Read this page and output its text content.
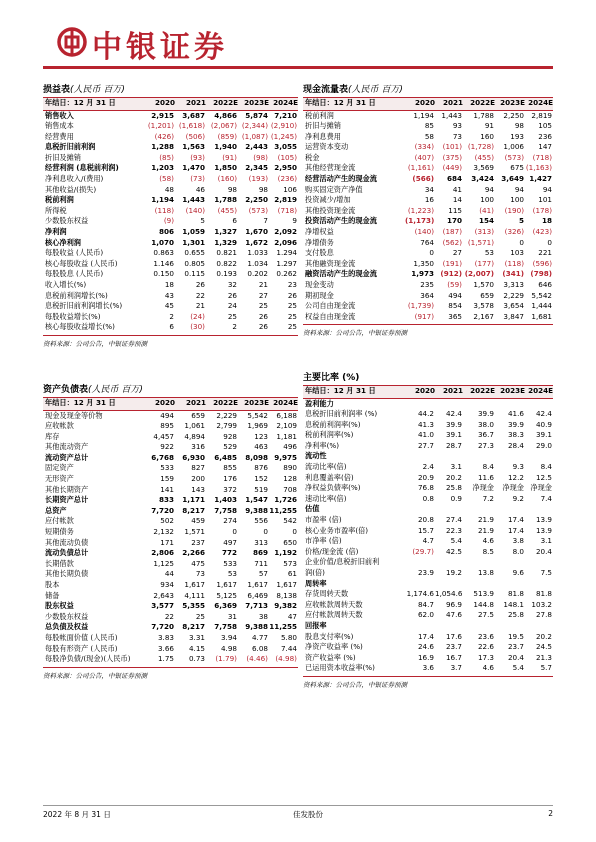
中银证券
损益表(人民币 百万)
年结日：12 月 31 日	2020	2021	2022E	2023E	2024E
销售收入	2,915	3,687	4,866	5,874	7,210
销售成本	(1,201)	(1,618)	(2,067)	(2,344)	(2,910)
经营费用	(426)	(506)	(859)	(1,087)	(1,245)
息税折旧前利润	1,288	1,563	1,940	2,443	3,055
折旧及摊销	(85)	(93)	(91)	(98)	(105)
经营利润 (息税前利润)	1,203	1,470	1,850	2,345	2,950
净利息收入/(费用)	(58)	(73)	(160)	(193)	(236)
其他收益/(损失)	48	46	98	98	106
税前利润	1,194	1,443	1,788	2,250	2,819
所得税	(118)	(140)	(455)	(573)	(718)
少数股东权益	(9)	5	6	7	9
净利润	806	1,059	1,327	1,670	2,092
核心净利润	1,070	1,301	1,329	1,672	2,096
每股收益 (人民币)	0.863	0.655	0.821	1.033	1.294
核心每股收益 (人民币)	1.146	0.805	0.822	1.034	1.297
每股股息 (人民币)	0.150	0.115	0.193	0.202	0.262
收入增长(%)	18	26	32	21	23
息税前利润增长(%)	43	22	26	27	26
息税折旧前利润增长(%)	45	21	24	25	25
每股收益增长(%)	2	(24)	25	26	25
核心每股收益增长(%)	6	(30)	2	26	25
资料来源：公司公告，中银证券预测
现金流量表(人民币 百万)
年结日：12 月 31 日	2020	2021	2022E	2023E	2024E
税前利润	1,194	1,443	1,788	2,250	2,819
折旧与摊销	85	93	91	98	105
净利息费用	58	73	160	193	236
运营资本变动	(334)	(101)	(1,728)	1,006	147
税金	(407)	(375)	(455)	(573)	(718)
其他经营现金流	(1,161)	(449)	3,569	675	(1,163)
经营活动产生的现金流	(566)	684	3,424	3,649	1,427
购买固定资产净值	34	41	94	94	94
投资减少/增加	16	14	100	100	101
其他投资现金流	(1,223)	115	(41)	(190)	(178)
投资活动产生的现金流	(1,173)	170	154	5	18
净增权益	(140)	(187)	(313)	(326)	(423)
净增债务	764	(562)	(1,571)	0	0
支付股息	0	27	53	103	221
其他融资现金流	1,350	(191)	(177)	(118)	(596)
融资活动产生的现金流	1,973	(912)	(2,007)	(341)	(798)
现金变动	235	(59)	1,570	3,313	646
期初现金	364	494	659	2,229	5,542
公司自由现金流	(1,739)	854	3,578	3,654	1,444
权益自由现金流	(917)	365	2,167	3,847	1,681
资料来源：公司公告，中银证券预测
资产负债表(人民币 百万)
年结日：12 月 31 日	2020	2021	2022E	2023E	2024E
现金及现金等价物	494	659	2,229	5,542	6,188
应收帐款	895	1,061	2,799	1,969	2,109
库存	4,457	4,894	928	123	1,181
其他流动资产	922	316	529	463	496
流动资产总计	6,768	6,930	6,485	8,098	9,975
固定资产	533	827	855	876	890
无形资产	159	200	176	152	128
其他长期资产	141	143	372	519	708
长期资产总计	833	1,171	1,403	1,547	1,726
总资产	7,720	8,217	7,758	9,388	11,255
应付帐款	502	459	274	556	542
短期债务	2,132	1,571	0	0	0
其他流动负债	171	237	497	313	650
流动负债总计	2,806	2,266	772	869	1,192
长期借款	1,125	475	533	711	573
其他长期负债	44	73	53	57	61
股本	934	1,617	1,617	1,617	1,617
储备	2,643	4,111	5,125	6,469	8,138
股东权益	3,577	5,355	6,369	7,713	9,382
少数股东权益	22	25	31	38	47
总负债及权益	7,720	8,217	7,758	9,388	11,255
每股帐面价值 (人民币)	3.83	3.31	3.94	4.77	5.80
每股有形资产 (人民币)	3.66	4.15	4.98	6.08	7.44
每股净负债/(现金)(人民币)	1.75	0.73	(1.79)	(4.46)	(4.98)
资料来源：公司公告，中银证券预测
主要比率 (%)
年结日：12 月 31 日	2020	2021	2022E	2023E	2024E
盈利能力					
息税折旧前利润率 (%)	44.2	42.4	39.9	41.6	42.4
息税前利润率(%)	41.3	39.9	38.0	39.9	40.9
税前利润率(%)	41.0	39.1	36.7	38.3	39.1
净利率(%)	27.7	28.7	27.3	28.4	29.0
流动性					
流动比率(倍)	2.4	3.1	8.4	9.3	8.4
利息覆盖率(倍)	20.9	20.2	11.6	12.2	12.5
净权益负债率(%)	76.8	25.8	净现金	净现金	净现金
速动比率(倍)	0.8	0.9	7.2	9.2	7.4
估值					
市盈率 (倍)	20.8	27.4	21.9	17.4	13.9
核心业务市盈率(倍)	15.7	22.3	21.9	17.4	13.9
市净率 (倍)	4.7	5.4	4.6	3.8	3.1
价格/现金流 (倍)	(29.7)	42.5	8.5	8.0	20.4
企业价值/息税折旧前利					
润(倍)	23.9	19.2	13.8	9.6	7.5
周转率					
存货周转天数	1,174.6	1,054.6	513.9	81.8	81.8
应收帐款周转天数	84.7	96.9	144.8	148.1	103.2
应付帐款周转天数	62.0	47.6	27.5	25.8	27.8
回报率					
股息支付率(%)	17.4	17.6	23.6	19.5	20.2
净资产收益率 (%)	24.6	23.7	22.6	23.7	24.5
资产收益率 (%)	16.9	16.7	17.3	20.4	21.3
已运用资本收益率(%)	3.6	3.7	4.6	5.4	5.7
资料来源：公司公告，中银证券预测
2022 年 8 月 31 日	佳发股份	2
